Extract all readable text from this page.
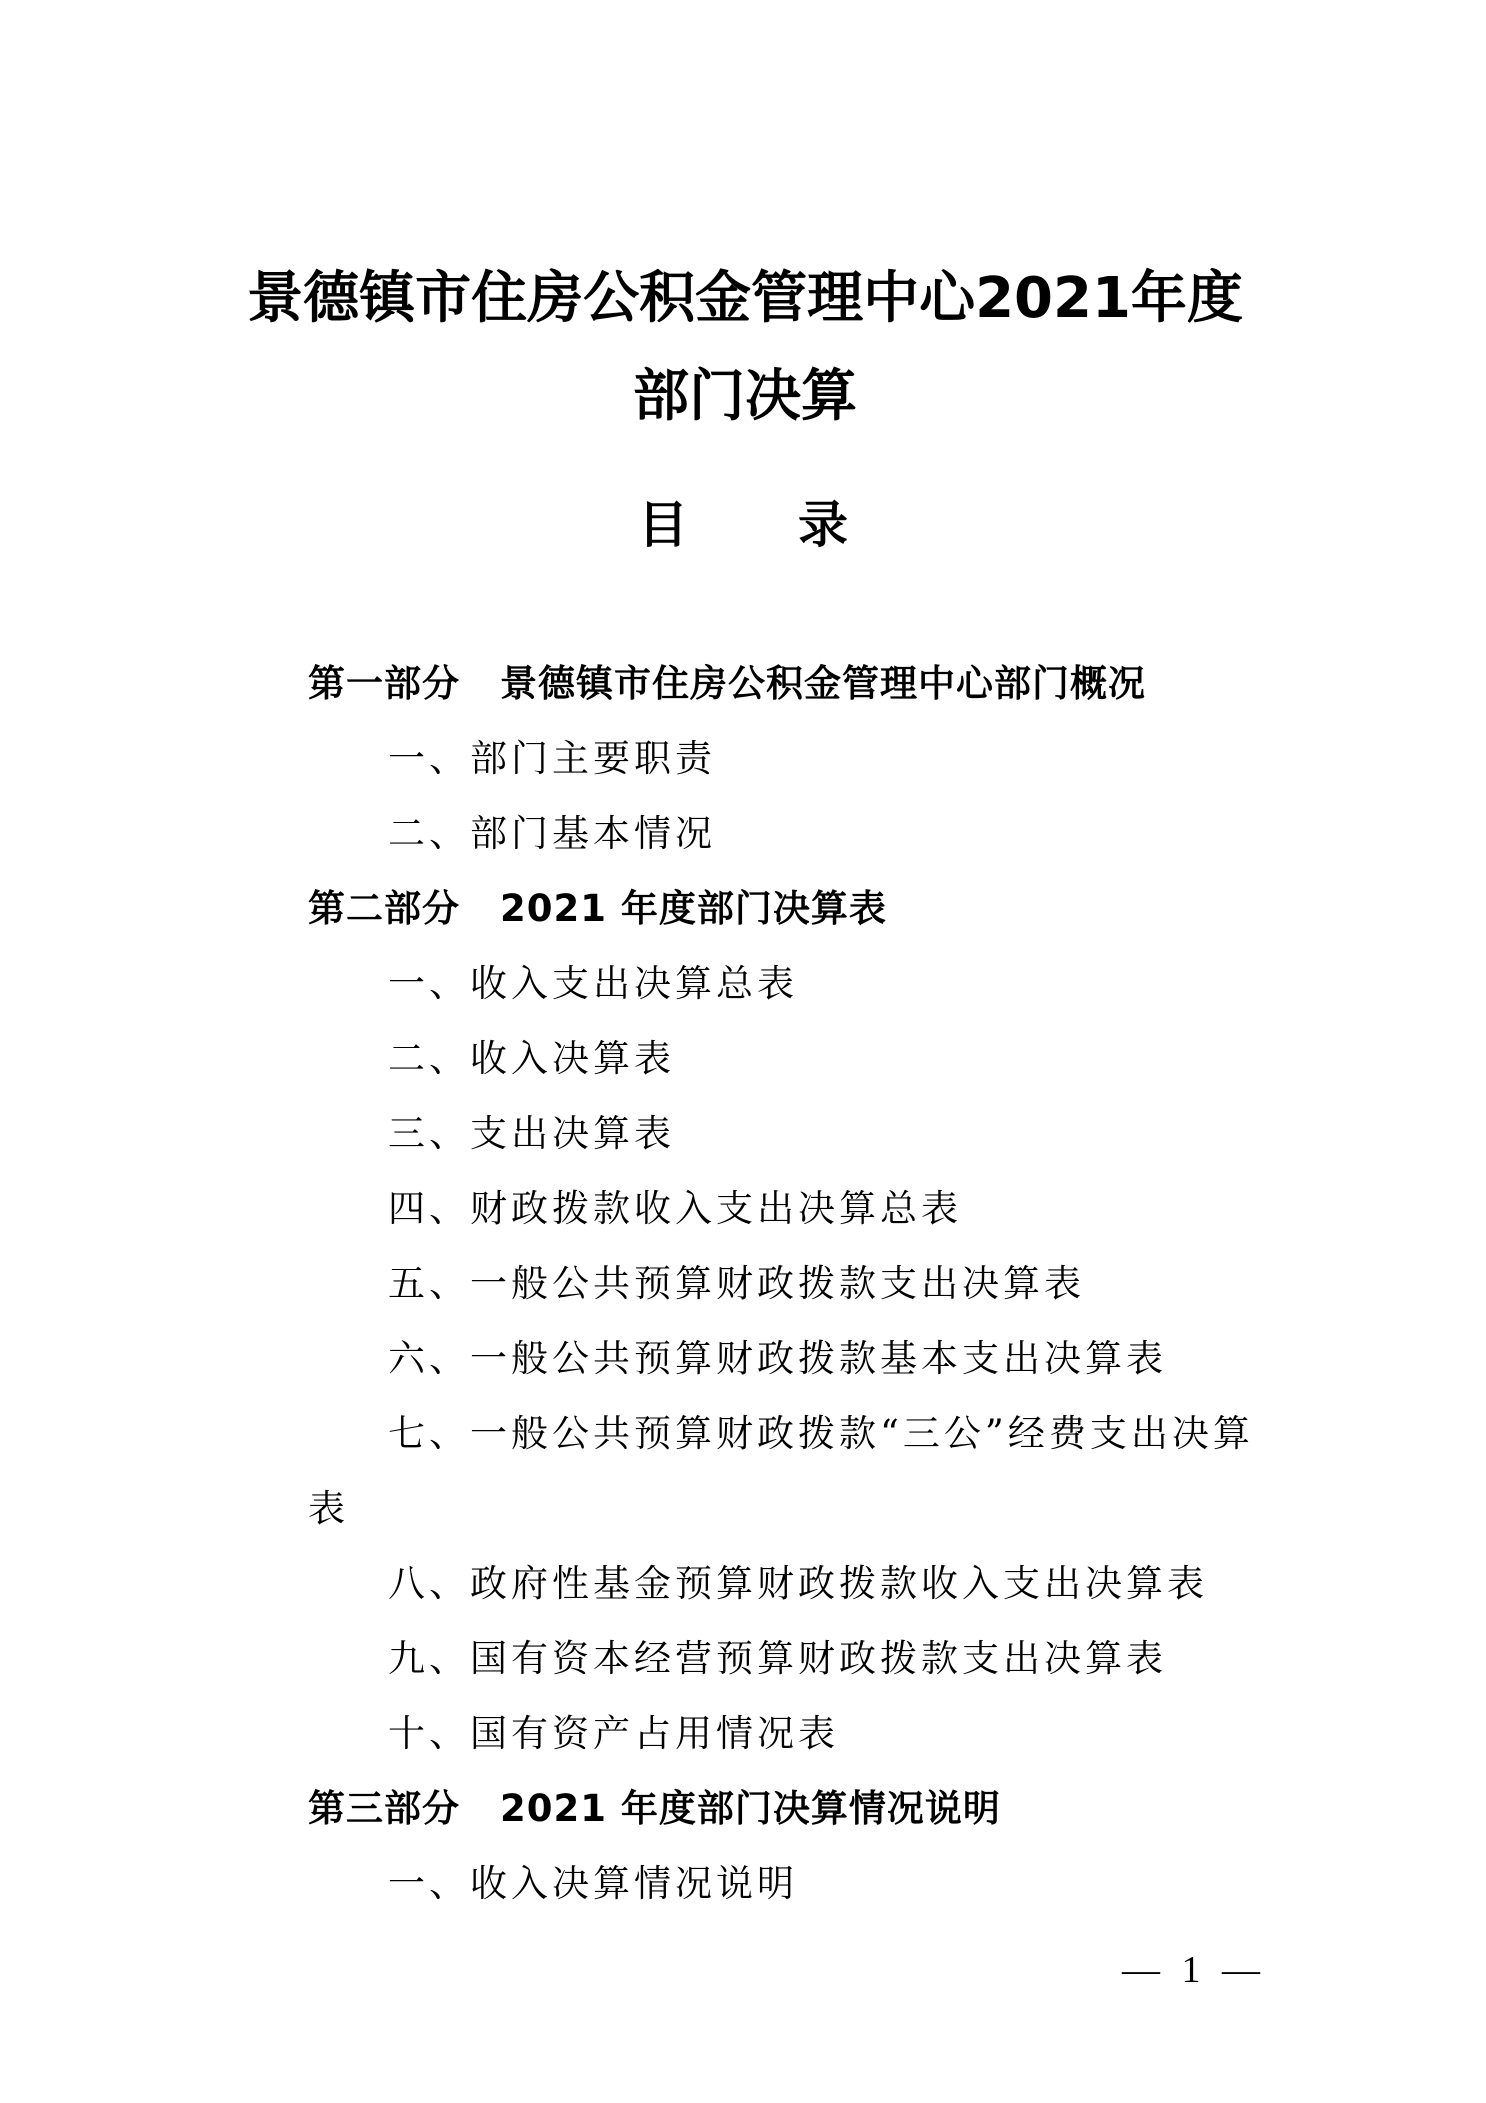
景德镇市住房公积金管理中心2021年度部门决算
目录
第一部分 景德镇市住房公积金管理中心部门概况
一、部门主要职责
二、部门基本情况
第二部分 2021 年度部门决算表
一、收入支出决算总表
二、收入决算表
三、支出决算表
四、财政拨款收入支出决算总表
五、一般公共预算财政拨款支出决算表
六、一般公共预算财政拨款基本支出决算表
七、一般公共预算财政拨款“三公”经费支出决算
表
八、政府性基金预算财政拨款收入支出决算表
九、国有资本经营预算财政拨款支出决算表
十、国有资产占用情况表
第三部分 2021 年度部门决算情况说明
一、收入决算情况说明
— 1 —
